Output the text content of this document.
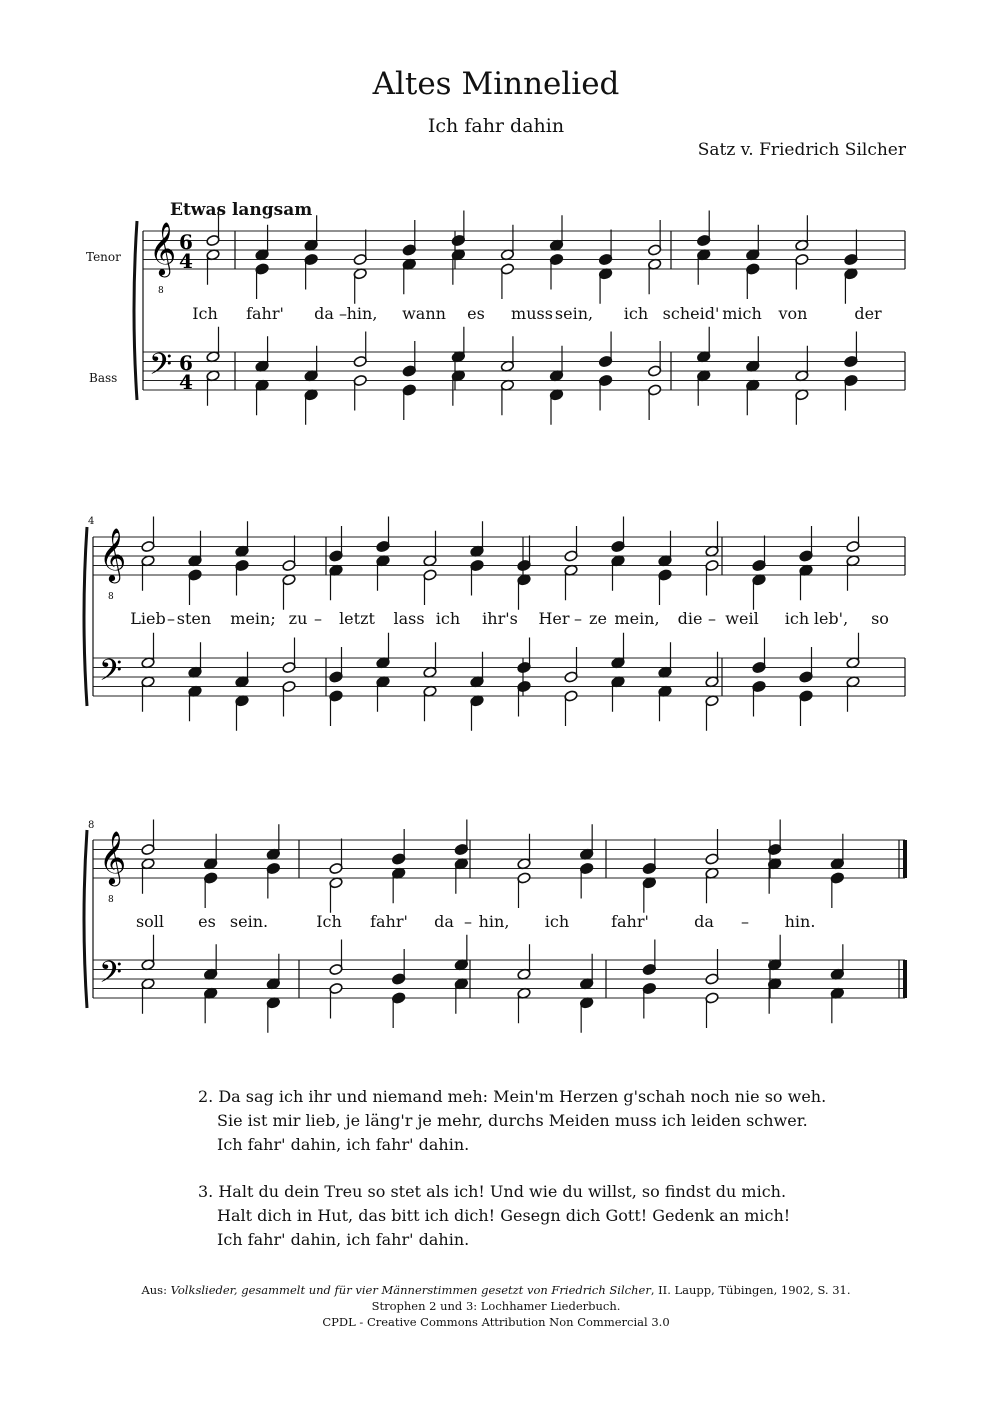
Altes Minnelied
Ich fahr dahin
Satz v. Friedrich Silcher
Etwas langsam
Tenor
Bass
4
8
𝄞
8
𝄢
6
4
6
4
𝄞
8
𝄢
𝄞
8
𝄢
Ich fahr' da – hin, wann es muss sein, ich scheid' mich von	der
Lieb – sten mein; zu – letzt lass ich ihr's Her – ze mein, die – weil ich leb', so
soll es sein.	Ich fahr' da – hin, ich	fahr'	da – hin.
2. Da sag ich ihr und niemand meh: Mein'm Herzen g'schah noch nie so weh.
Sie ist mir lieb, je läng'r je mehr, durchs Meiden muss ich leiden schwer.
Ich fahr' dahin, ich fahr' dahin.
3. Halt du dein Treu so stet als ich! Und wie du willst, so findst du mich.
Halt dich in Hut, das bitt ich dich! Gesegn dich Gott! Gedenk an mich!
Ich fahr' dahin, ich fahr' dahin.
Aus: Volkslieder, gesammelt und für vier Männerstimmen gesetzt von Friedrich Silcher, II. Laupp, Tübingen, 1902, S. 31.
Strophen 2 und 3: Lochhamer Liederbuch.
CPDL - Creative Commons Attribution Non Commercial 3.0
